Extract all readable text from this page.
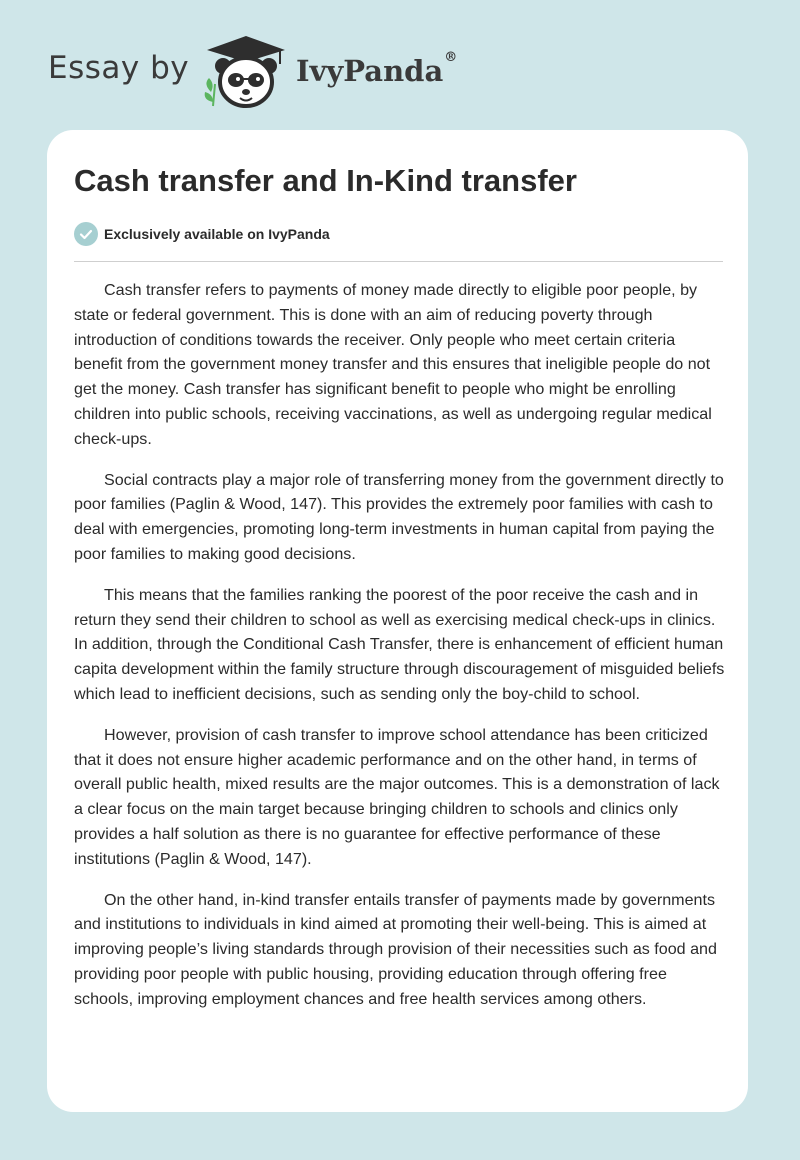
Essay by	IvyPanda®
Cash transfer and In-Kind transfer
Exclusively available on IvyPanda

Cash transfer refers to payments of money made directly to eligible poor people, by state or federal government. This is done with an aim of reducing poverty through introduction of conditions towards the receiver. Only people who meet certain criteria benefit from the government money transfer and this ensures that ineligible people do not get the money. Cash transfer has significant benefit to people who might be enrolling children into public schools, receiving vaccinations, as well as undergoing regular medical check-ups.

Social contracts play a major role of transferring money from the government directly to poor families (Paglin & Wood, 147). This provides the extremely poor families with cash to deal with emergencies, promoting long-term investments in human capital from paying the poor families to making good decisions.

This means that the families ranking the poorest of the poor receive the cash and in return they send their children to school as well as exercising medical check-ups in clinics. In addition, through the Conditional Cash Transfer, there is enhancement of efficient human capita development within the family structure through discouragement of misguided beliefs which lead to inefficient decisions, such as sending only the boy-child to school.

However, provision of cash transfer to improve school attendance has been criticized that it does not ensure higher academic performance and on the other hand, in terms of overall public health, mixed results are the major outcomes. This is a demonstration of lack a clear focus on the main target because bringing children to schools and clinics only provides a half solution as there is no guarantee for effective performance of these institutions (Paglin & Wood, 147).

On the other hand, in-kind transfer entails transfer of payments made by governments and institutions to individuals in kind aimed at promoting their well-being. This is aimed at improving people’s living standards through provision of their necessities such as food and providing poor people with public housing, providing education through offering free schools, improving employment chances and free health services among others.
